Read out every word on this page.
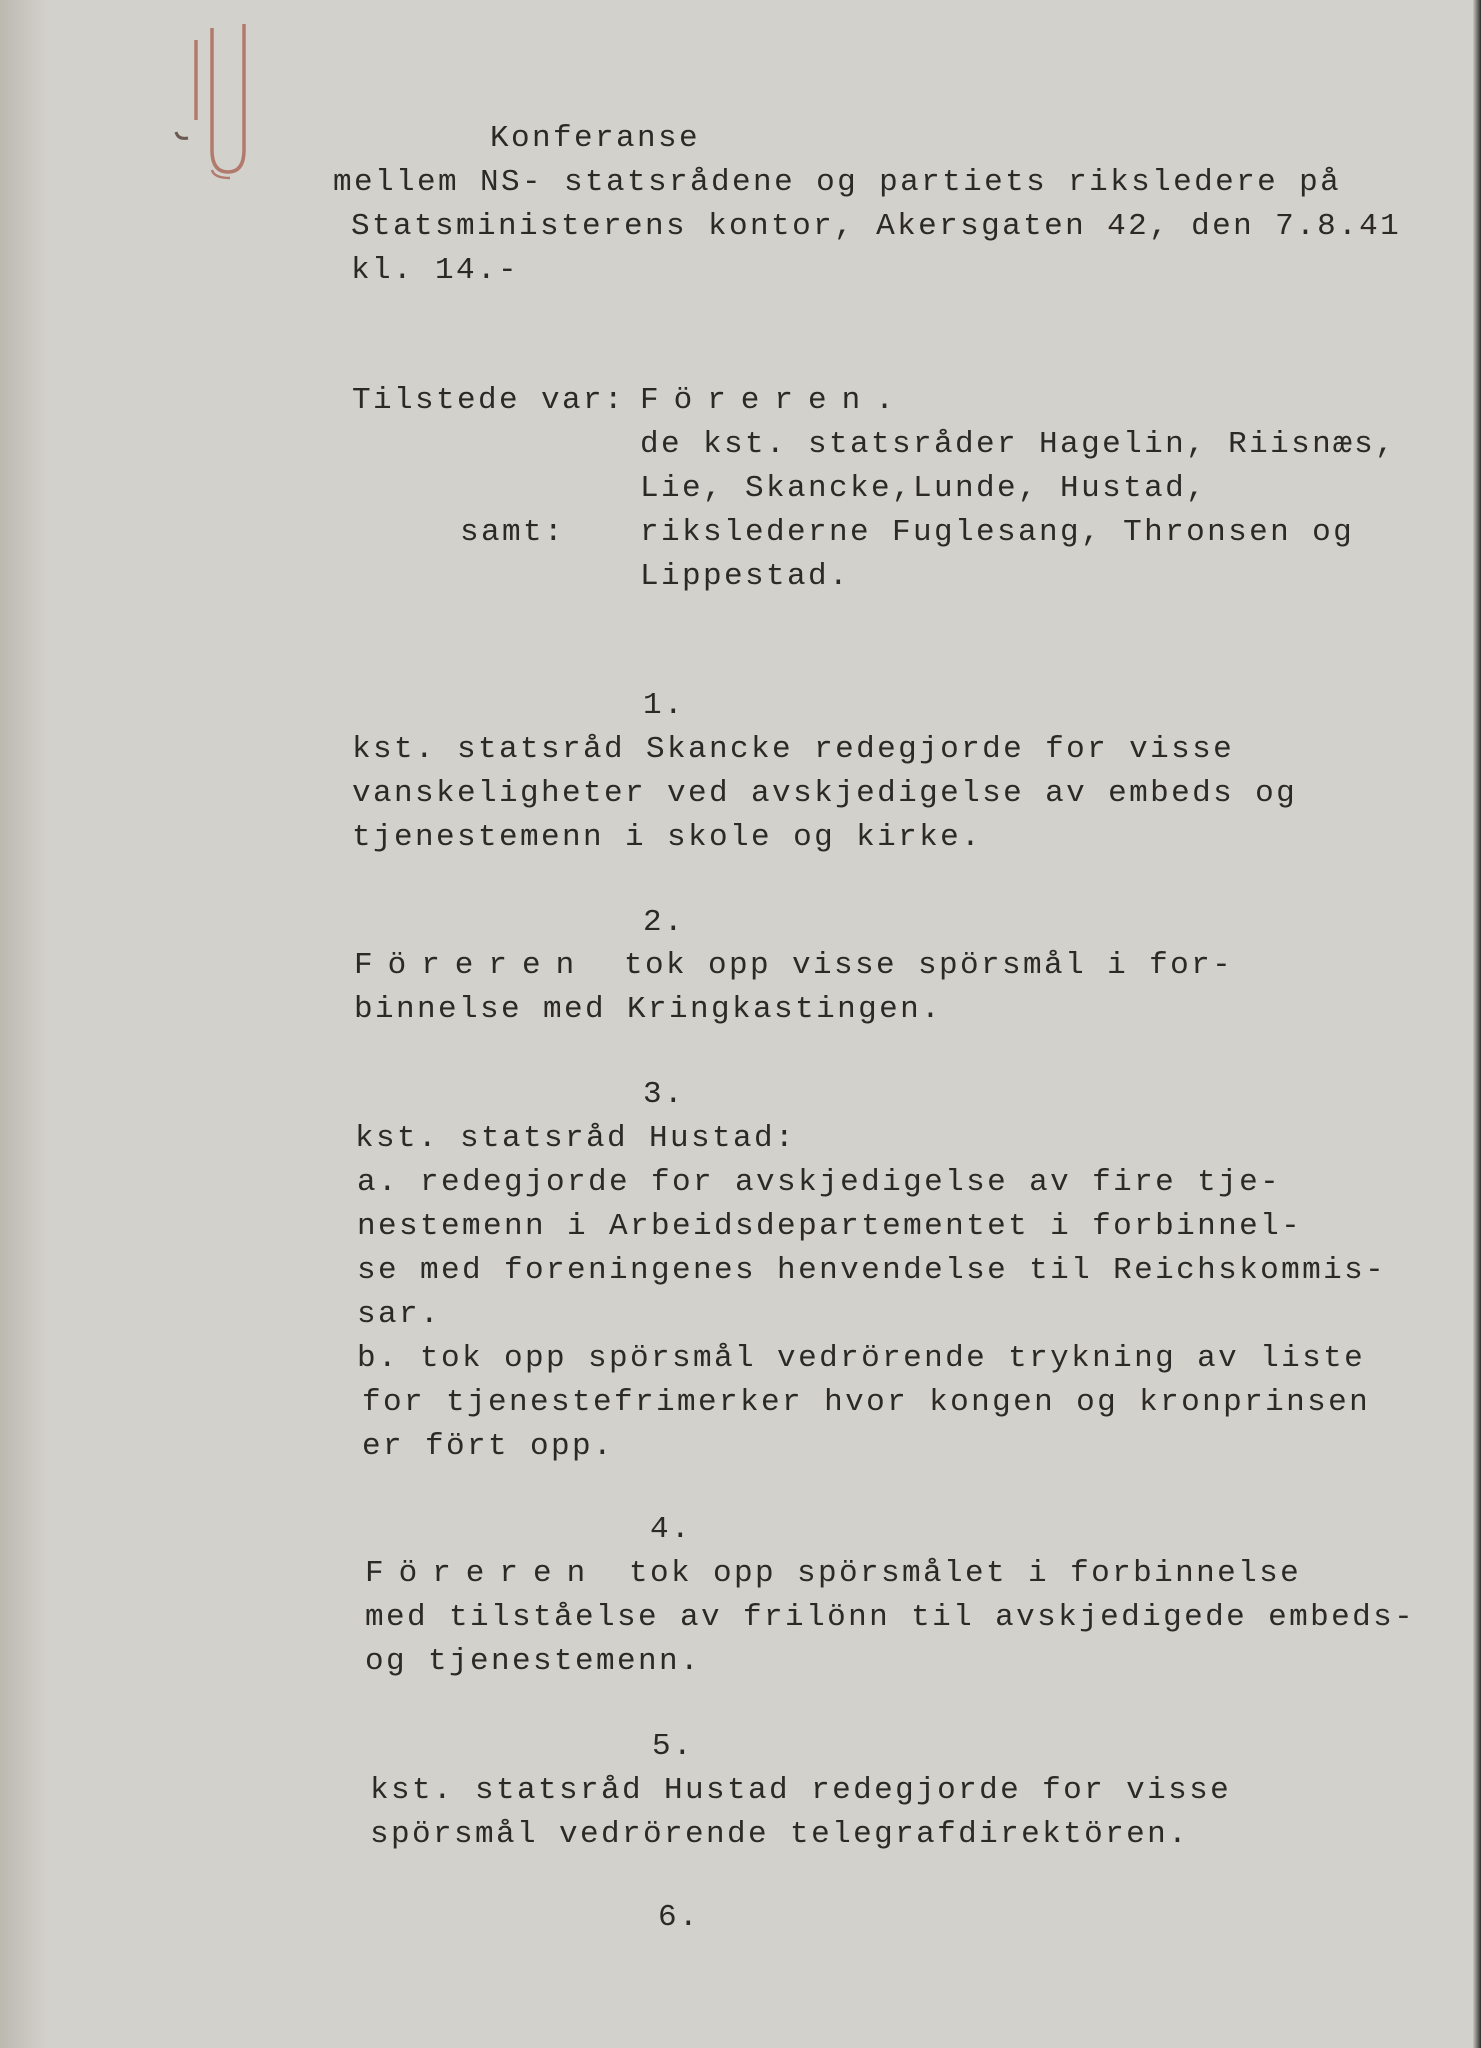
Konferanse

mellem NS- statsrådene og partiets riksledere på

Statsministerens kontor, Akersgaten 42, den 7.8.41

kl. 14.-

Tilstede var: Föreren.

de kst. statsråder Hagelin, Riisnæs,

Lie, Skancke,Lunde, Hustad,

samt: rikslederne Fuglesang, Thronsen og

Lippestad.

1.

kst. statsråd Skancke redegjorde for visse

vanskeligheter ved avskjedigelse av embeds og

tjenestemenn i skole og kirke.

2.

Föreren tok opp visse spörsmål i for-

binnelse med Kringkastingen.

3.

kst. statsråd Hustad:

a. redegjorde for avskjedigelse av fire tje-

nestemenn i Arbeidsdepartementet i forbinnel-

se med foreningenes henvendelse til Reichskommis-

sar.

b. tok opp spörsmål vedrörende trykning av liste

for tjenestefrimerker hvor kongen og kronprinsen

er fört opp.

4.

Föreren tok opp spörsmålet i forbinnelse

med tilståelse av frilönn til avskjedigede embeds-

og tjenestemenn.

5.

kst. statsråd Hustad redegjorde for visse

spörsmål vedrörende telegrafdirektören.

6.
